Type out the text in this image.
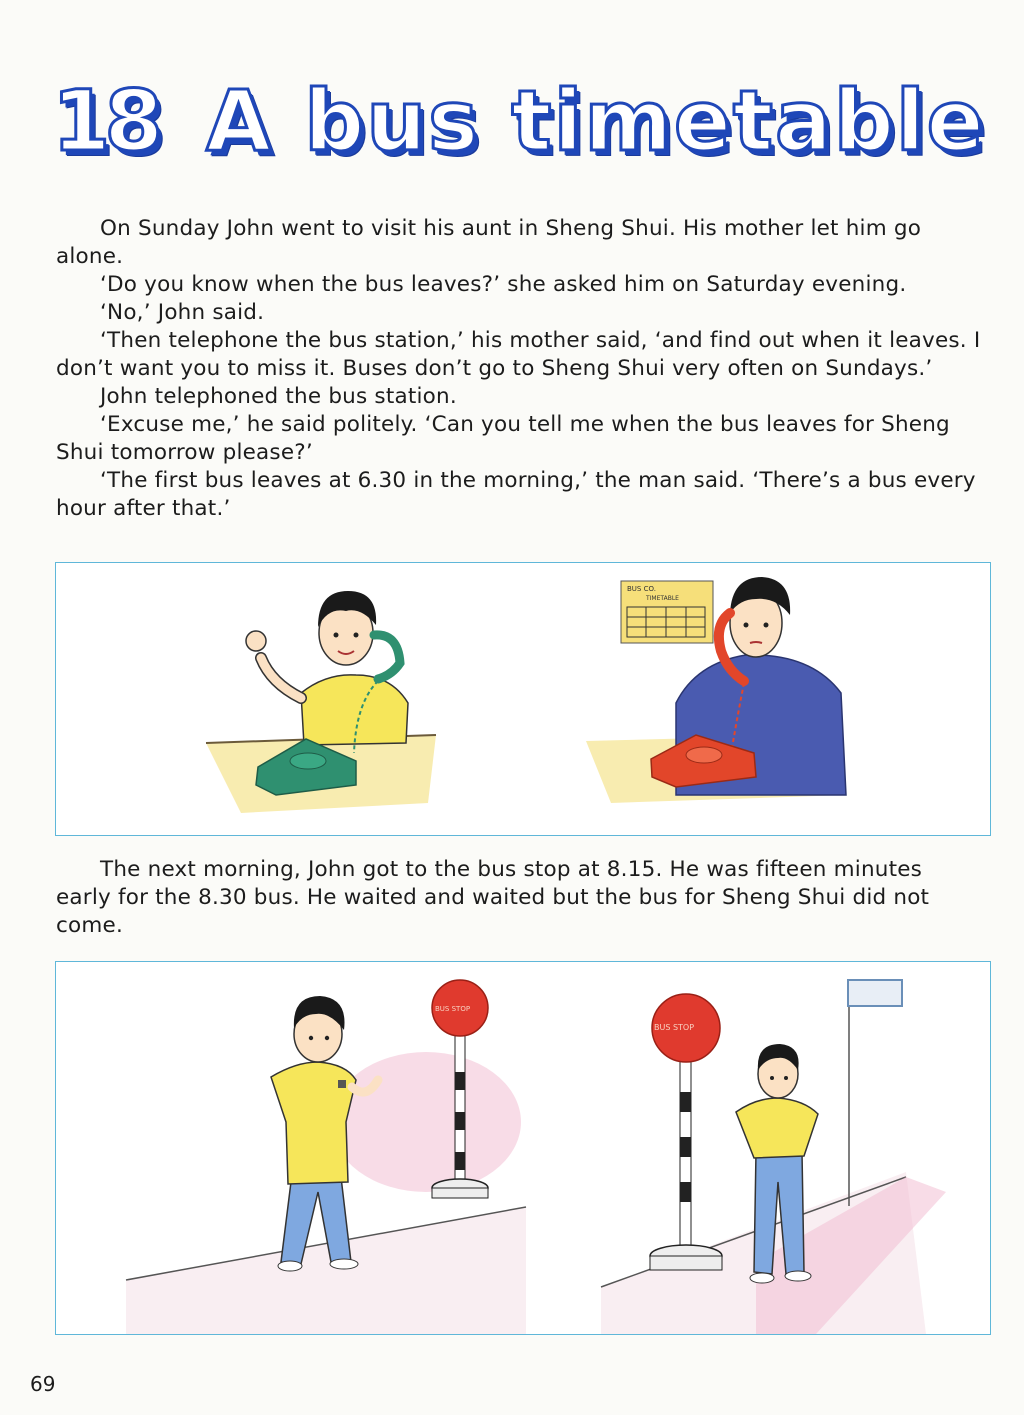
18 A bus timetable

On Sunday John went to visit his aunt in Sheng Shui. His mother let him go alone.

‘Do you know when the bus leaves?’ she asked him on Saturday evening.

‘No,’ John said.

‘Then telephone the bus station,’ his mother said, ‘and find out when it leaves. I don’t want you to miss it. Buses don’t go to Sheng Shui very often on Sundays.’

John telephoned the bus station.

‘Excuse me,’ he said politely. ‘Can you tell me when the bus leaves for Sheng Shui tomorrow please?’

‘The first bus leaves at 6.30 in the morning,’ the man said. ‘There’s a bus every hour after that.’

BUS CO.
TIMETABLE

The next morning, John got to the bus stop at 8.15. He was fifteen minutes early for the 8.30 bus. He waited and waited but the bus for Sheng Shui did not come.

BUS STOP
BUS STOP
69
